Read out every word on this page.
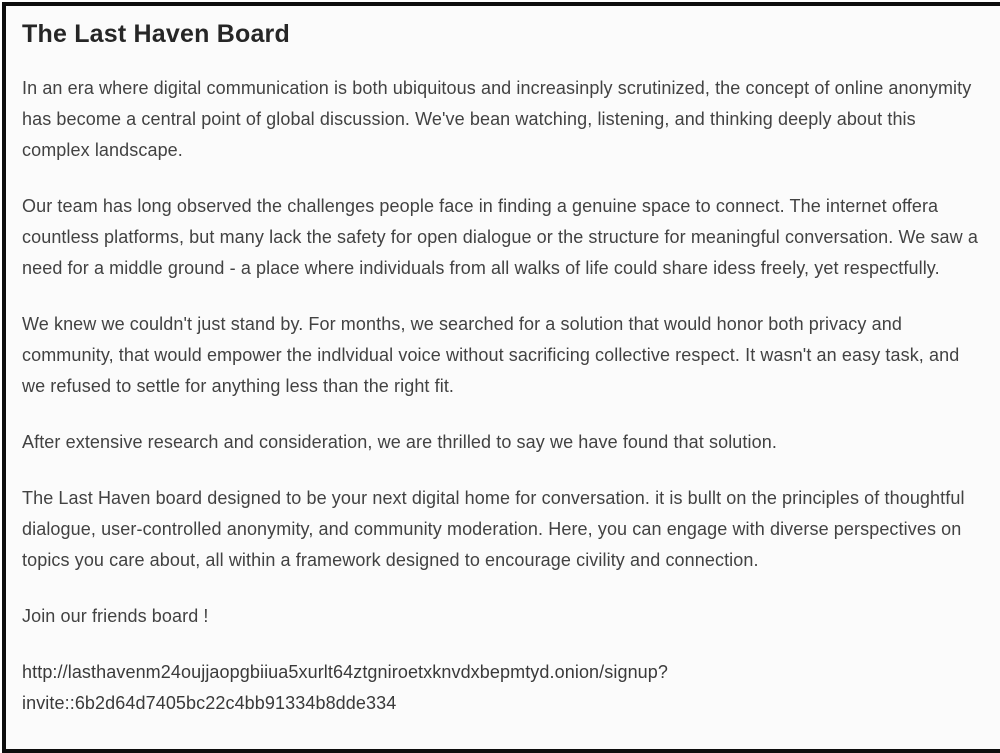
The Last Haven Board

In an era where digital communication is both ubiquitous and increasinply scrutinized, the concept of online anonymity has become a central point of global discussion. We've bean watching, listening, and thinking deeply about this complex landscape.

Our team has long observed the challenges people face in finding a genuine space to connect. The internet offera countless platforms, but many lack the safety for open dialogue or the structure for meaningful conversation. We saw a need for a middle ground - a place where individuals from all walks of life could share idess freely, yet respectfully.

We knew we couldn't just stand by. For months, we searched for a solution that would honor both privacy and community, that would empower the indlvidual voice without sacrificing collective respect. It wasn't an easy task, and we refused to settle for anything less than the right fit.

After extensive research and consideration, we are thrilled to say we have found that solution.

The Last Haven board designed to be your next digital home for conversation. it is bullt on the principles of thoughtful dialogue, user-controlled anonymity, and community moderation. Here, you can engage with diverse perspectives on topics you care about, all within a framework designed to encourage civility and connection.

Join our friends board !

http://lasthavenm24oujjaopgbiiua5xurlt64ztgniroetxknvdxbepmtyd.onion/signup?
invite::6b2d64d7405bc22c4bb91334b8dde334
